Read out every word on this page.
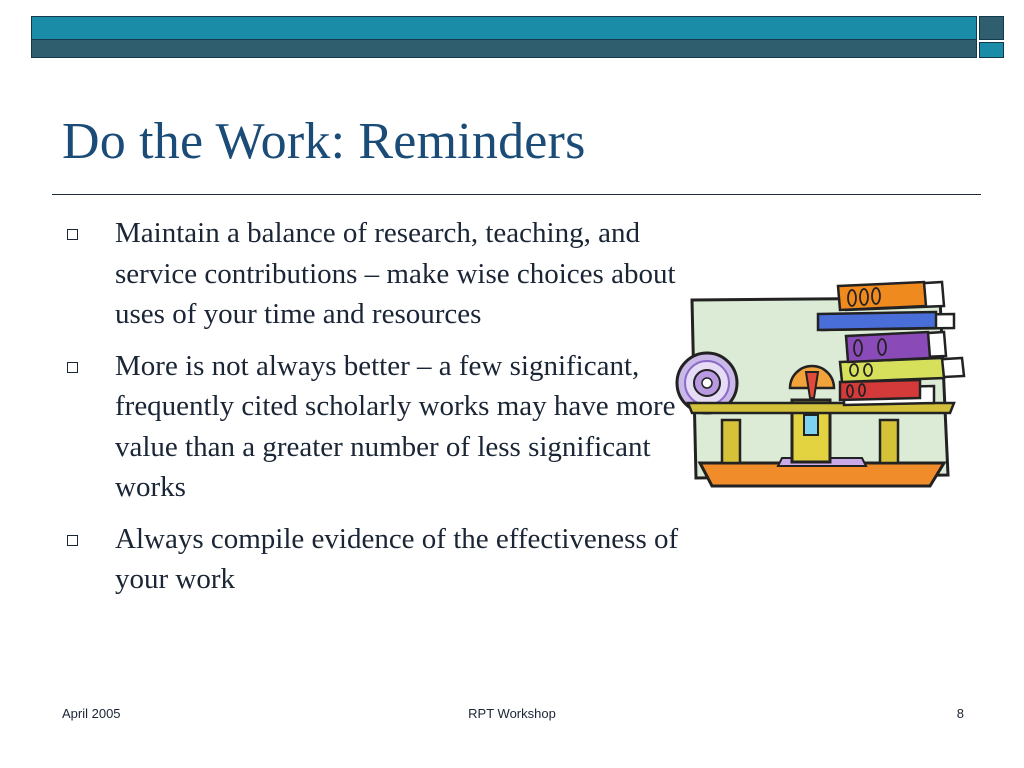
Do the Work: Reminders
Maintain a balance of research, teaching, and service contributions – make wise choices about uses of your time and resources
More is not always better – a few significant, frequently cited scholarly works may have more value than a greater number of less significant works
Always compile evidence of the effectiveness of your work
April 2005	RPT Workshop	8
